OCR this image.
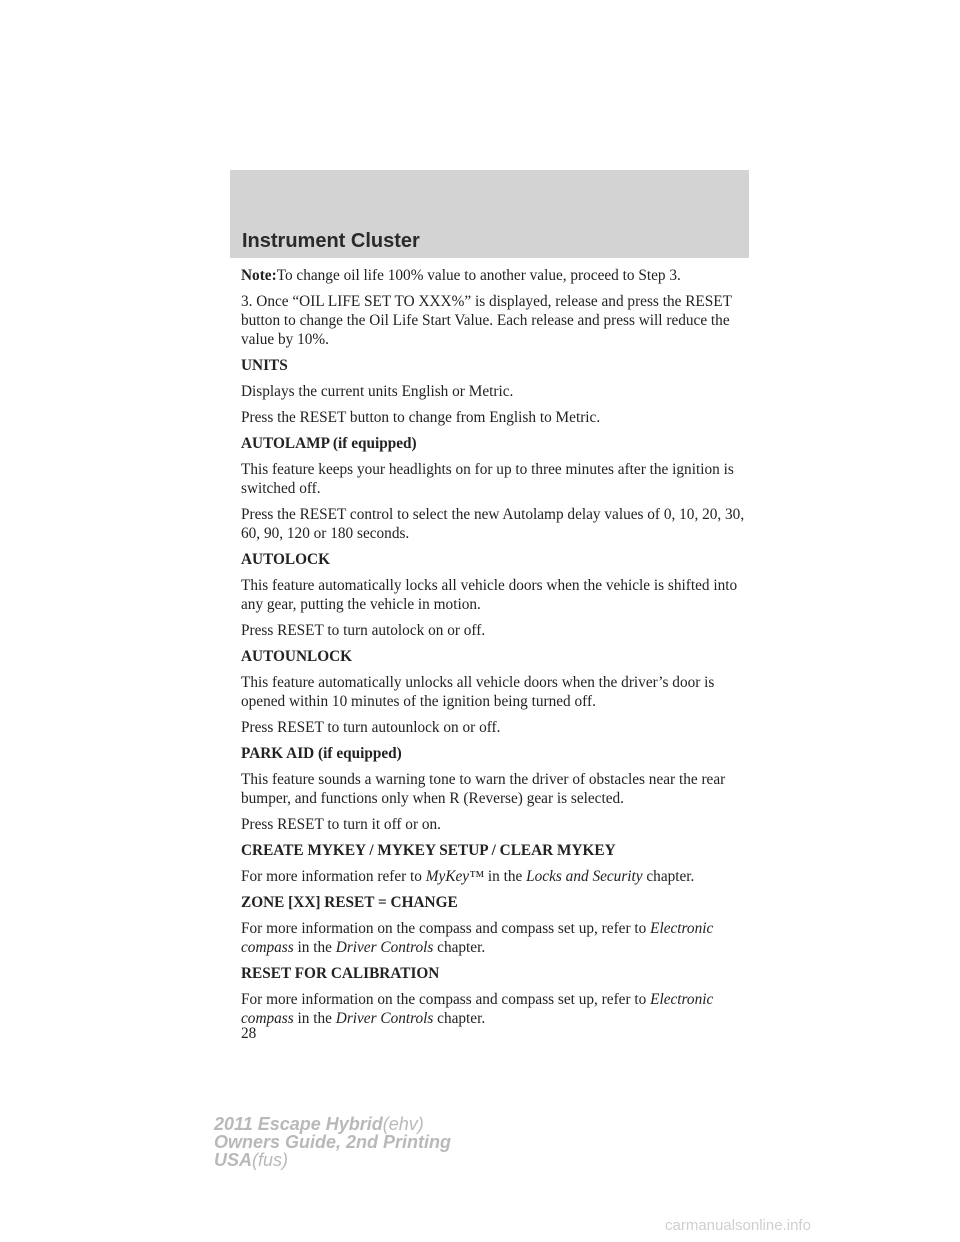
Instrument Cluster

Note:To change oil life 100% value to another value, proceed to Step 3.

3. Once “OIL LIFE SET TO XXX%” is displayed, release and press the RESET button to change the Oil Life Start Value. Each release and press will reduce the value by 10%.

UNITS

Displays the current units English or Metric.

Press the RESET button to change from English to Metric.

AUTOLAMP (if equipped)

This feature keeps your headlights on for up to three minutes after the ignition is switched off.

Press the RESET control to select the new Autolamp delay values of 0, 10, 20, 30, 60, 90, 120 or 180 seconds.

AUTOLOCK

This feature automatically locks all vehicle doors when the vehicle is shifted into any gear, putting the vehicle in motion.

Press RESET to turn autolock on or off.

AUTOUNLOCK

This feature automatically unlocks all vehicle doors when the driver’s door is opened within 10 minutes of the ignition being turned off.

Press RESET to turn autounlock on or off.

PARK AID (if equipped)

This feature sounds a warning tone to warn the driver of obstacles near the rear bumper, and functions only when R (Reverse) gear is selected.

Press RESET to turn it off or on.

CREATE MYKEY / MYKEY SETUP / CLEAR MYKEY

For more information refer to MyKey™ in the Locks and Security chapter.

ZONE [XX] RESET = CHANGE

For more information on the compass and compass set up, refer to Electronic compass in the Driver Controls chapter.

RESET FOR CALIBRATION

For more information on the compass and compass set up, refer to Electronic compass in the Driver Controls chapter.

28
2011 Escape Hybrid(ehv)
Owners Guide, 2nd Printing
USA(fus)
carmanualsonline.info
